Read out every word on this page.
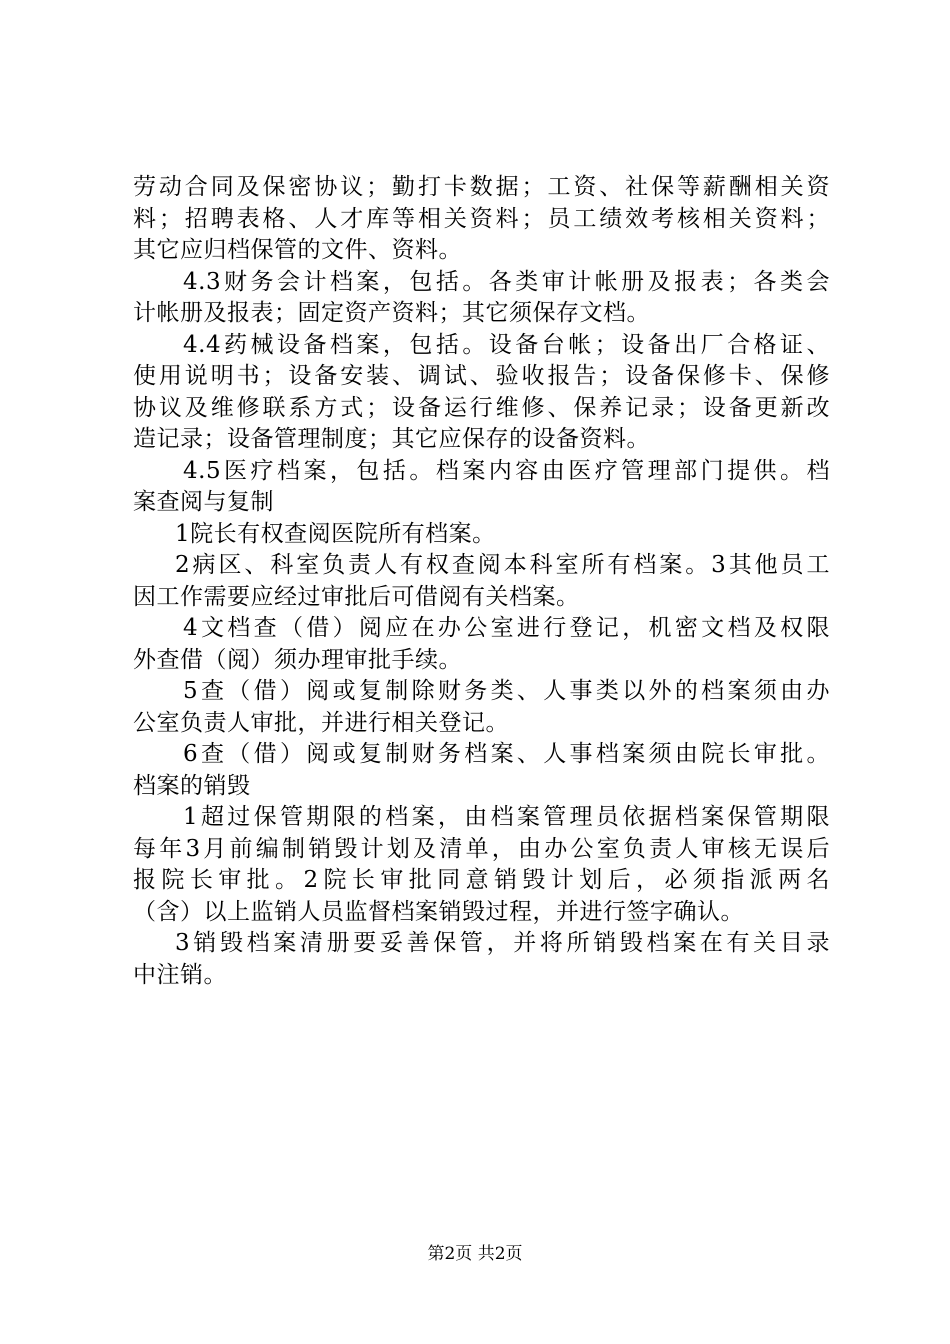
劳动合同及保密协议；勤打卡数据；工资、社保等薪酬相关资
料；招聘表格、人才库等相关资料；员工绩效考核相关资料；
其它应归档保管的文件、资料。
4.3财务会计档案，包括。各类审计帐册及报表；各类会
计帐册及报表；固定资产资料；其它须保存文档。
4.4药械设备档案，包括。设备台帐；设备出厂合格证、
使用说明书；设备安装、调试、验收报告；设备保修卡、保修
协议及维修联系方式；设备运行维修、保养记录；设备更新改
造记录；设备管理制度；其它应保存的设备资料。
4.5医疗档案，包括。档案内容由医疗管理部门提供。档
案查阅与复制
1院长有权查阅医院所有档案。
2病区、科室负责人有权查阅本科室所有档案。3其他员工
因工作需要应经过审批后可借阅有关档案。
4文档查（借）阅应在办公室进行登记，机密文档及权限
外查借（阅）须办理审批手续。
5查（借）阅或复制除财务类、人事类以外的档案须由办
公室负责人审批，并进行相关登记。
6查（借）阅或复制财务档案、人事档案须由院长审批。
档案的销毁
1超过保管期限的档案，由档案管理员依据档案保管期限
每年3月前编制销毁计划及清单，由办公室负责人审核无误后
报院长审批。2院长审批同意销毁计划后，必须指派两名
（含）以上监销人员监督档案销毁过程，并进行签字确认。
3销毁档案清册要妥善保管，并将所销毁档案在有关目录
中注销。
第2页 共2页
